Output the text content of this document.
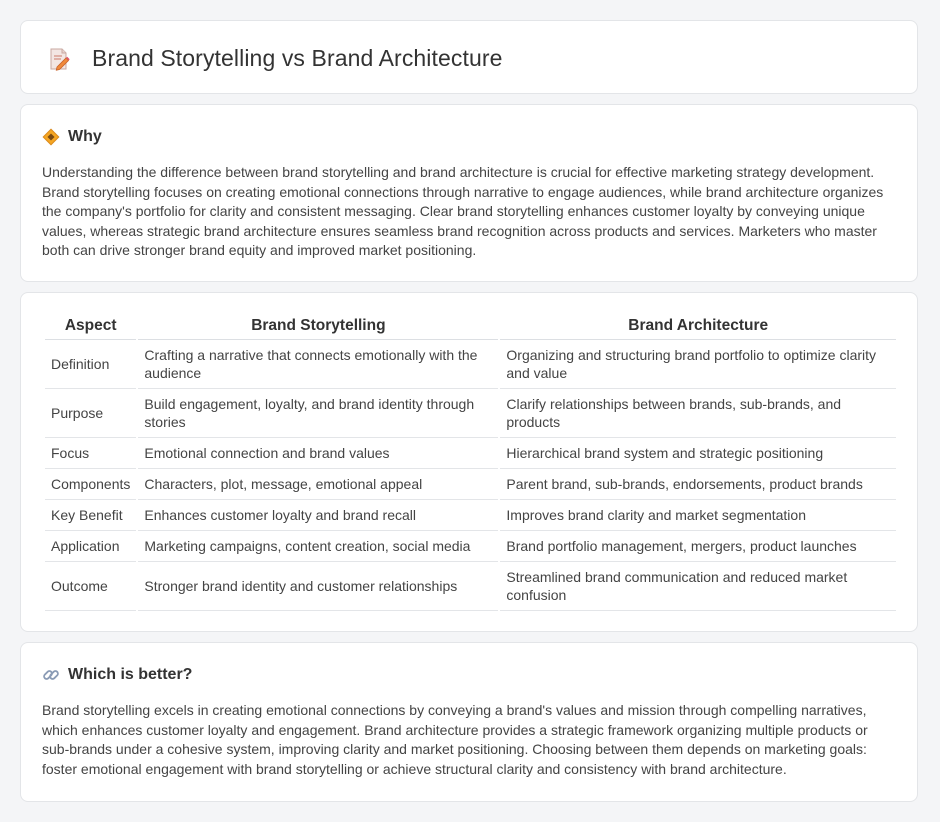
Brand Storytelling vs Brand Architecture
Why

Understanding the difference between brand storytelling and brand architecture is crucial for effective marketing strategy development. Brand storytelling focuses on creating emotional connections through narrative to engage audiences, while brand architecture organizes the company's portfolio for clarity and consistent messaging. Clear brand storytelling enhances customer loyalty by conveying unique values, whereas strategic brand architecture ensures seamless brand recognition across products and services. Marketers who master both can drive stronger brand equity and improved market positioning.

Aspect	Brand Storytelling	Brand Architecture
Definition	Crafting a narrative that connects emotionally with the audience	Organizing and structuring brand portfolio to optimize clarity and value
Purpose	Build engagement, loyalty, and brand identity through stories	Clarify relationships between brands, sub-brands, and products
Focus	Emotional connection and brand values	Hierarchical brand system and strategic positioning
Components	Characters, plot, message, emotional appeal	Parent brand, sub-brands, endorsements, product brands
Key Benefit	Enhances customer loyalty and brand recall	Improves brand clarity and market segmentation
Application	Marketing campaigns, content creation, social media	Brand portfolio management, mergers, product launches
Outcome	Stronger brand identity and customer relationships	Streamlined brand communication and reduced market confusion
Which is better?

Brand storytelling excels in creating emotional connections by conveying a brand's values and mission through compelling narratives, which enhances customer loyalty and engagement. Brand architecture provides a strategic framework organizing multiple products or sub-brands under a cohesive system, improving clarity and market positioning. Choosing between them depends on marketing goals: foster emotional engagement with brand storytelling or achieve structural clarity and consistency with brand architecture.
